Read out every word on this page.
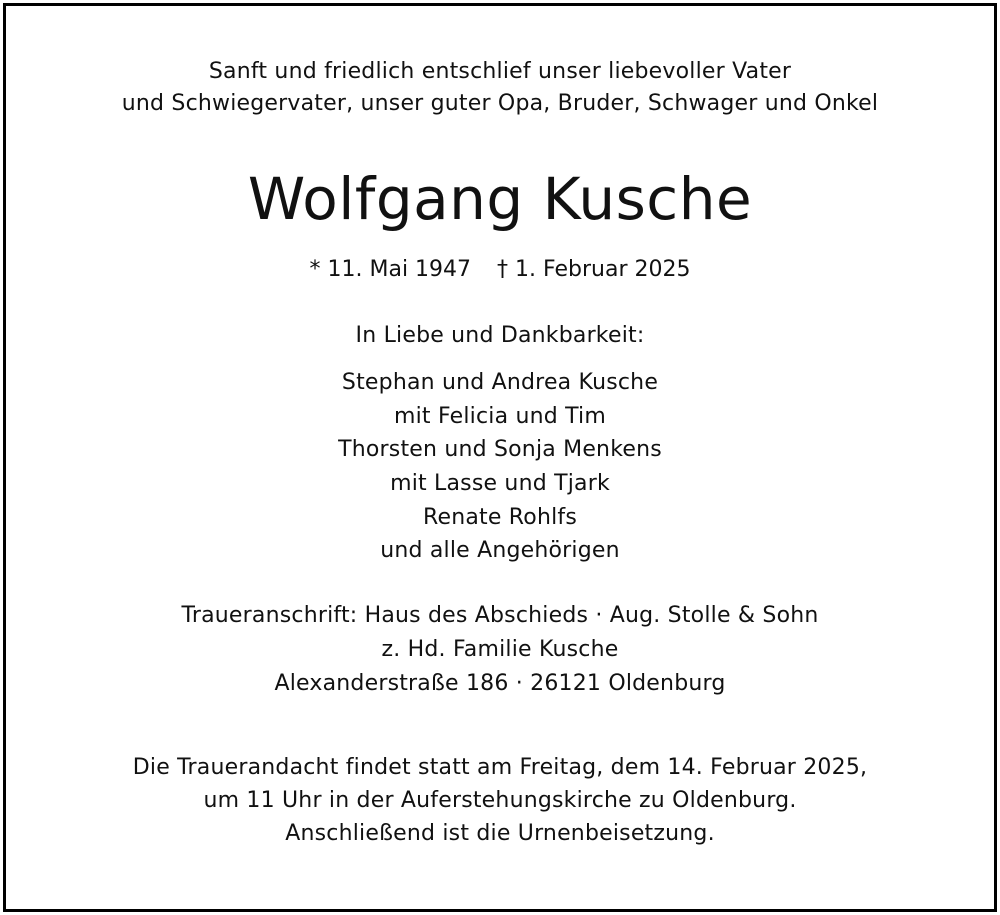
Sanft und friedlich entschlief unser liebevoller Vater
und Schwiegervater, unser guter Opa, Bruder, Schwager und Onkel
Wolfgang Kusche
* 11. Mai 1947 † 1. Februar 2025
In Liebe und Dankbarkeit:
Stephan und Andrea Kusche
mit Felicia und Tim
Thorsten und Sonja Menkens
mit Lasse und Tjark
Renate Rohlfs
und alle Angehörigen
Traueranschrift: Haus des Abschieds · Aug. Stolle & Sohn
z. Hd. Familie Kusche
Alexanderstraße 186 · 26121 Oldenburg
Die Trauerandacht findet statt am Freitag, dem 14. Februar 2025,
um 11 Uhr in der Auferstehungskirche zu Oldenburg.
Anschließend ist die Urnenbeisetzung.
